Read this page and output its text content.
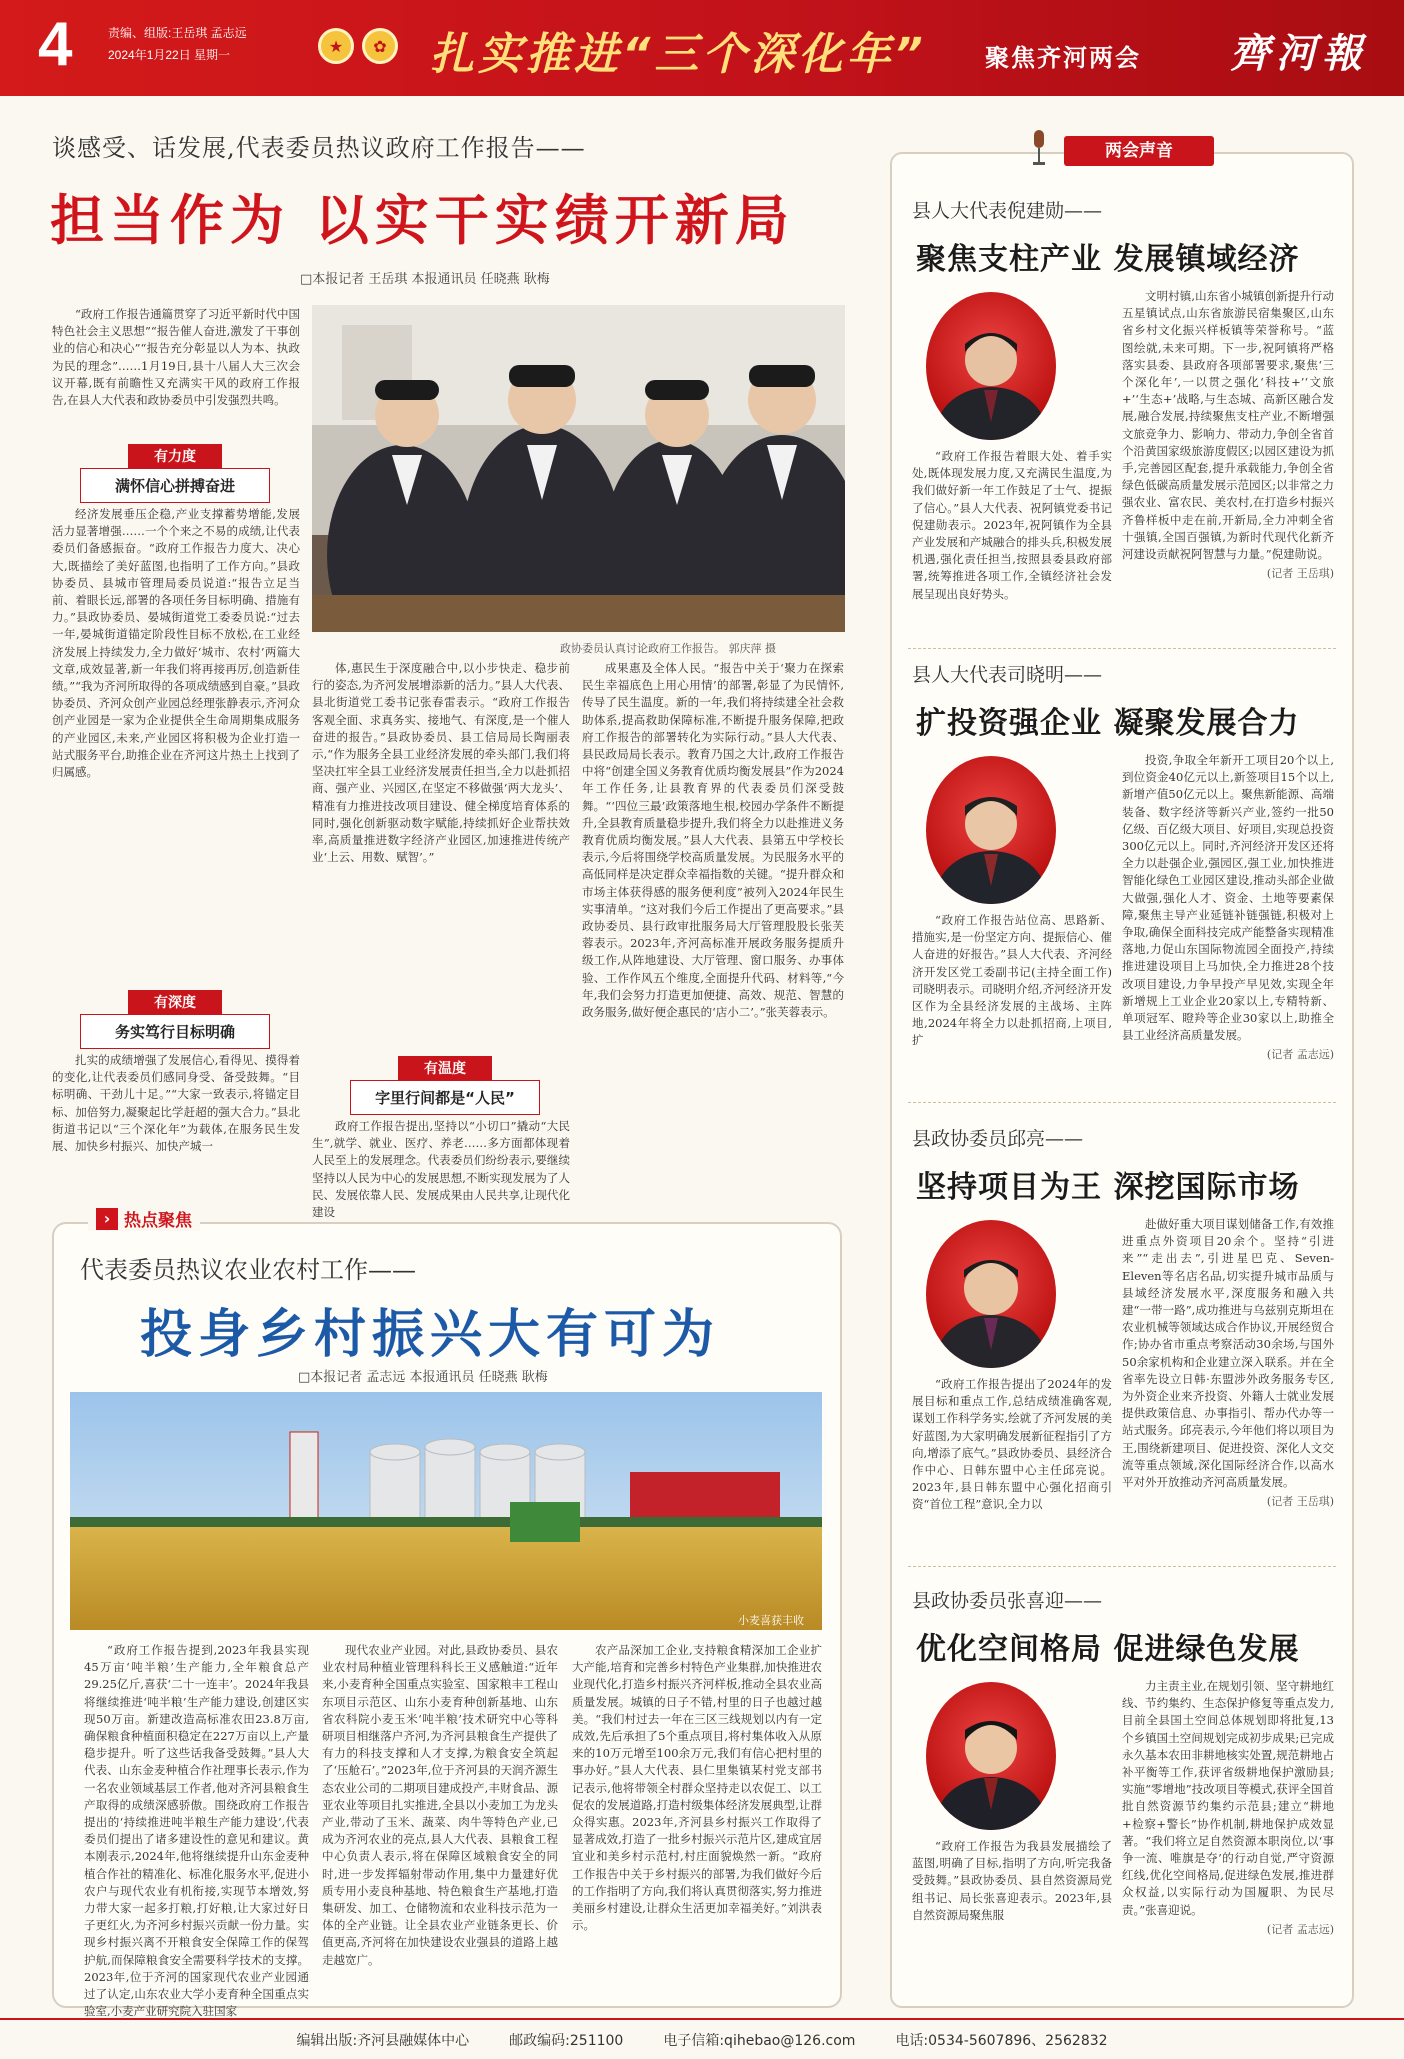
4	责编、组版:王岳琪 孟志远
2024年1月22日 星期一	★	✿ 扎实推进“三个深化年” 聚焦齐河两会 齊河報
谈感受、话发展,代表委员热议政府工作报告——
担当作为 以实干实绩开新局
□本报记者 王岳琪 本报通讯员 任晓燕 耿梅

“政府工作报告通篇贯穿了习近平新时代中国特色社会主义思想”“报告催人奋进,激发了干事创业的信心和决心”“报告充分彰显以人为本、执政为民的理念”……1月19日,县十八届人大三次会议开幕,既有前瞻性又充满实干风的政府工作报告,在县人大代表和政协委员中引发强烈共鸣。

政协委员认真讨论政府工作报告。 郭庆萍 摄
有力度
满怀信心拼搏奋进

经济发展垂压企稳,产业支撑蓄势增能,发展活力显著增强……一个个来之不易的成绩,让代表委员们备感振奋。“政府工作报告力度大、决心大,既描绘了美好蓝图,也指明了工作方向。”县政协委员、县城市管理局委员说道:“报告立足当前、着眼长远,部署的各项任务目标明确、措施有力。”县政协委员、晏城街道党工委委员说:“过去一年,晏城街道锚定阶段性目标不放松,在工业经济发展上持续发力,全力做好‘城市、农村’两篇大文章,成效显著,新一年我们将再接再厉,创造新佳绩。”“我为齐河所取得的各项成绩感到自豪。”县政协委员、齐河众创产业园总经理张静表示,齐河众创产业园是一家为企业提供全生命周期集成服务的产业园区,未来,产业园区将积极为企业打造一站式服务平台,助推企业在齐河这片热土上找到了归属感。

有深度
务实笃行目标明确

扎实的成绩增强了发展信心,看得见、摸得着的变化,让代表委员们感同身受、备受鼓舞。“目标明确、干劲儿十足。”“大家一致表示,将锚定目标、加倍努力,凝聚起比学赶超的强大合力。”县北街道书记以“三个深化年”为载体,在服务民生发展、加快乡村振兴、加快产城一

体,惠民生于深度融合中,以小步快走、稳步前行的姿态,为齐河发展增添新的活力。”县人大代表、县北街道党工委书记张春雷表示。“政府工作报告客观全面、求真务实、接地气、有深度,是一个催人奋进的报告。”县政协委员、县工信局局长陶丽表示,“作为服务全县工业经济发展的牵头部门,我们将坚决扛牢全县工业经济发展责任担当,全力以赴抓招商、强产业、兴园区,在坚定不移做强‘两大龙头’、精准有力推进技改项目建设、健全梯度培育体系的同时,强化创新驱动数字赋能,持续抓好企业帮扶效率,高质量推进数字经济产业园区,加速推进传统产业‘上云、用数、赋智’。”

有温度
字里行间都是“人民”

政府工作报告提出,坚持以“小切口”撬动“大民生”,就学、就业、医疗、养老……多方面都体现着人民至上的发展理念。代表委员们纷纷表示,要继续坚持以人民为中心的发展思想,不断实现发展为了人民、发展依靠人民、发展成果由人民共享,让现代化建设

成果惠及全体人民。“报告中关于‘聚力在探索民生幸福底色上用心用情’的部署,彰显了为民情怀,传导了民生温度。新的一年,我们将持续建全社会救助体系,提高救助保障标准,不断提升服务保障,把政府工作报告的部署转化为实际行动。”县人大代表、县民政局局长表示。教育乃国之大计,政府工作报告中将“创建全国义务教育优质均衡发展县”作为2024年工作任务,让县教育界的代表委员们深受鼓舞。“‘四位三最’政策落地生根,校园办学条件不断提升,全县教育质量稳步提升,我们将全力以赴推进义务教育优质均衡发展。”县人大代表、县第五中学校长表示,今后将围绕学校高质量发展。为民服务水平的高低同样是决定群众幸福指数的关键。“提升群众和市场主体获得感的服务便利度”被列入2024年民生实事清单。“这对我们今后工作提出了更高要求。”县政协委员、县行政审批服务局大厅管理股股长张芙蓉表示。2023年,齐河高标准开展政务服务提质升级工作,从阵地建设、大厅管理、窗口服务、办事体验、工作作风五个维度,全面提升代码、材料等,“今年,我们会努力打造更加便捷、高效、规范、智慧的政务服务,做好便企惠民的‘店小二’。”张芙蓉表示。

› 热点聚焦
代表委员热议农业农村工作——
投身乡村振兴大有可为
□本报记者 孟志远 本报通讯员 任晓燕 耿梅
小麦喜获丰收

“政府工作报告提到,2023年我县实现45万亩‘吨半粮’生产能力,全年粮食总产29.25亿斤,喜获‘二十一连丰’。2024年我县将继续推进‘吨半粮’生产能力建设,创建区实现50万亩。新建改造高标准农田23.8万亩,确保粮食种植面积稳定在227万亩以上,产量稳步提升。听了这些话我备受鼓舞。”县人大代表、山东金麦种植合作社理事长表示,作为一名农业领域基层工作者,他对齐河县粮食生产取得的成绩深感骄傲。围绕政府工作报告提出的‘持续推进吨半粮生产能力建设’,代表委员们提出了诸多建设性的意见和建议。黄本刚表示,2024年,他将继续提升山东金麦种植合作社的精准化、标准化服务水平,促进小农户与现代农业有机衔接,实现节本增效,努力带大家一起多打粮,打好粮,让大家过好日子更红火,为齐河乡村振兴贡献一份力量。实现乡村振兴离不开粮食安全保障工作的保驾护航,而保障粮食安全需要科学技术的支撑。2023年,位于齐河的国家现代农业产业园通过了认定,山东农业大学小麦育种全国重点实验室,小麦产业研究院入驻国家

现代农业产业园。对此,县政协委员、县农业农村局种植业管理科科长王义感触道:“近年来,小麦育种全国重点实验室、国家粮丰工程山东项目示范区、山东小麦育种创新基地、山东省农科院小麦玉米‘吨半粮’技术研究中心等科研项目相继落户齐河,为齐河县粮食生产提供了有力的科技支撑和人才支撑,为粮食安全筑起了‘压舱石’。”2023年,位于齐河县的天润齐源生态农业公司的二期项目建成投产,丰财食品、源亚农业等项目扎实推进,全县以小麦加工为龙头产业,带动了玉米、蔬菜、肉牛等特色产业,已成为齐河农业的亮点,县人大代表、县粮食工程中心负责人表示,将在保障区域粮食安全的同时,进一步发挥辐射带动作用,集中力量建好优质专用小麦良种基地、特色粮食生产基地,打造集研发、加工、仓储物流和农业科技示范为一体的全产业链。让全县农业产业链条更长、价值更高,齐河将在加快建设农业强县的道路上越走越宽广。

农产品深加工企业,支持粮食精深加工企业扩大产能,培育和完善乡村特色产业集群,加快推进农业现代化,打造乡村振兴齐河样板,推动全县农业高质量发展。城镇的日子不错,村里的日子也越过越美。“我们村过去一年在三区三线规划以内有一定成效,先后承担了5个重点项目,将村集体收入从原来的10万元增至100余万元,我们有信心把村里的事办好。”县人大代表、县仁里集镇某村党支部书记表示,他将带领全村群众坚持走以农促工、以工促农的发展道路,打造村级集体经济发展典型,让群众得实惠。2023年,齐河县乡村振兴工作取得了显著成效,打造了一批乡村振兴示范片区,建成宜居宜业和美乡村示范村,村庄面貌焕然一新。“政府工作报告中关于乡村振兴的部署,为我们做好今后的工作指明了方向,我们将认真贯彻落实,努力推进美丽乡村建设,让群众生活更加幸福美好。”刘洪表示。

两会声音
县人大代表倪建勋——
聚焦支柱产业 发展镇域经济

“政府工作报告着眼大处、着手实处,既体现发展力度,又充满民生温度,为我们做好新一年工作鼓足了士气、提振了信心。”县人大代表、祝阿镇党委书记倪建勋表示。2023年,祝阿镇作为全县产业发展和产城融合的排头兵,积极发展机遇,强化责任担当,按照县委县政府部署,统筹推进各项工作,全镇经济社会发展呈现出良好势头。

文明村镇,山东省小城镇创新提升行动五星镇试点,山东省旅游民宿集聚区,山东省乡村文化振兴样板镇等荣誉称号。“蓝图绘就,未来可期。下一步,祝阿镇将严格落实县委、县政府各项部署要求,聚焦‘三个深化年’,一以贯之强化‘科技+’‘文旅+’‘生态+’战略,与生态城、高新区融合发展,融合发展,持续聚焦支柱产业,不断增强文旅竞争力、影响力、带动力,争创全省首个沿黄国家级旅游度假区;以园区建设为抓手,完善园区配套,提升承载能力,争创全省绿色低碳高质量发展示范园区;以非常之力强农业、富农民、美农村,在打造乡村振兴齐鲁样板中走在前,开新局,全力冲刺全省十强镇,全国百强镇,为新时代现代化新齐河建设贡献祝阿智慧与力量。”倪建勋说。

(记者 王岳琪)
县人大代表司晓明——
扩投资强企业 凝聚发展合力

“政府工作报告站位高、思路新、措施实,是一份坚定方向、提振信心、催人奋进的好报告。”县人大代表、齐河经济开发区党工委副书记(主持全面工作)司晓明表示。司晓明介绍,齐河经济开发区作为全县经济发展的主战场、主阵地,2024年将全力以赴抓招商,上项目,扩

投资,争取全年新开工项目20个以上,到位资金40亿元以上,新签项目15个以上,新增产值50亿元以上。聚焦新能源、高端装备、数字经济等新兴产业,签约一批50亿级、百亿级大项目、好项目,实现总投资300亿元以上。同时,齐河经济开发区还将全力以赴强企业,强园区,强工业,加快推进智能化绿色工业园区建设,推动头部企业做大做强,强化人才、资金、土地等要素保障,聚焦主导产业延链补链强链,积极对上争取,确保全面科技完成产能整备实现精准落地,力促山东国际物流园全面投产,持续推进建设项目上马加快,全力推进28个技改项目建设,力争早投产早见效,实现全年新增规上工业企业20家以上,专精特新、单项冠军、瞪羚等企业30家以上,助推全县工业经济高质量发展。

(记者 孟志远)
县政协委员邱亮——
坚持项目为王 深挖国际市场

“政府工作报告提出了2024年的发展目标和重点工作,总结成绩准确客观,谋划工作科学务实,绘就了齐河发展的美好蓝图,为大家明确发展新征程指引了方向,增添了底气。”县政协委员、县经济合作中心、日韩东盟中心主任邱亮说。2023年,县日韩东盟中心强化招商引资“首位工程”意识,全力以

赴做好重大项目谋划储备工作,有效推进重点外资项目20余个。坚持“引进来”“走出去”,引进星巴克、Seven-Eleven等名店名品,切实提升城市品质与县域经济发展水平,深度服务和融入共建“一带一路”,成功推进与乌兹别克斯坦在农业机械等领域达成合作协议,开展经贸合作;协办省市重点考察活动30余场,与国外50余家机构和企业建立深入联系。并在全省率先设立日韩·东盟涉外政务服务专区,为外资企业来齐投资、外籍人士就业发展提供政策信息、办事指引、帮办代办等一站式服务。邱亮表示,今年他们将以项目为王,围绕新建项目、促进投资、深化人文交流等重点领域,深化国际经济合作,以高水平对外开放推动齐河高质量发展。

(记者 王岳琪)
县政协委员张喜迎——
优化空间格局 促进绿色发展

“政府工作报告为我县发展描绘了蓝图,明确了目标,指明了方向,听完我备受鼓舞。”县政协委员、县自然资源局党组书记、局长张喜迎表示。2023年,县自然资源局聚焦服

力主责主业,在规划引领、坚守耕地红线、节约集约、生态保护修复等重点发力,目前全县国土空间总体规划即将批复,13个乡镇国土空间规划完成初步成果;已完成永久基本农田非耕地核实处置,规范耕地占补平衡等工作,获评省级耕地保护激励县;实施“零增地”技改项目等模式,获评全国首批自然资源节约集约示范县;建立“耕地+检察+警长”协作机制,耕地保护成效显著。“我们将立足自然资源本职岗位,以‘事争一流、唯旗是夺’的行动自觉,严守资源红线,优化空间格局,促进绿色发展,推进群众权益,以实际行动为国履职、为民尽责。”张喜迎说。

(记者 孟志远)
编辑出版:齐河县融媒体中心	邮政编码:251100	电子信箱:qihebao@126.com	电话:0534-5607896、2562832
